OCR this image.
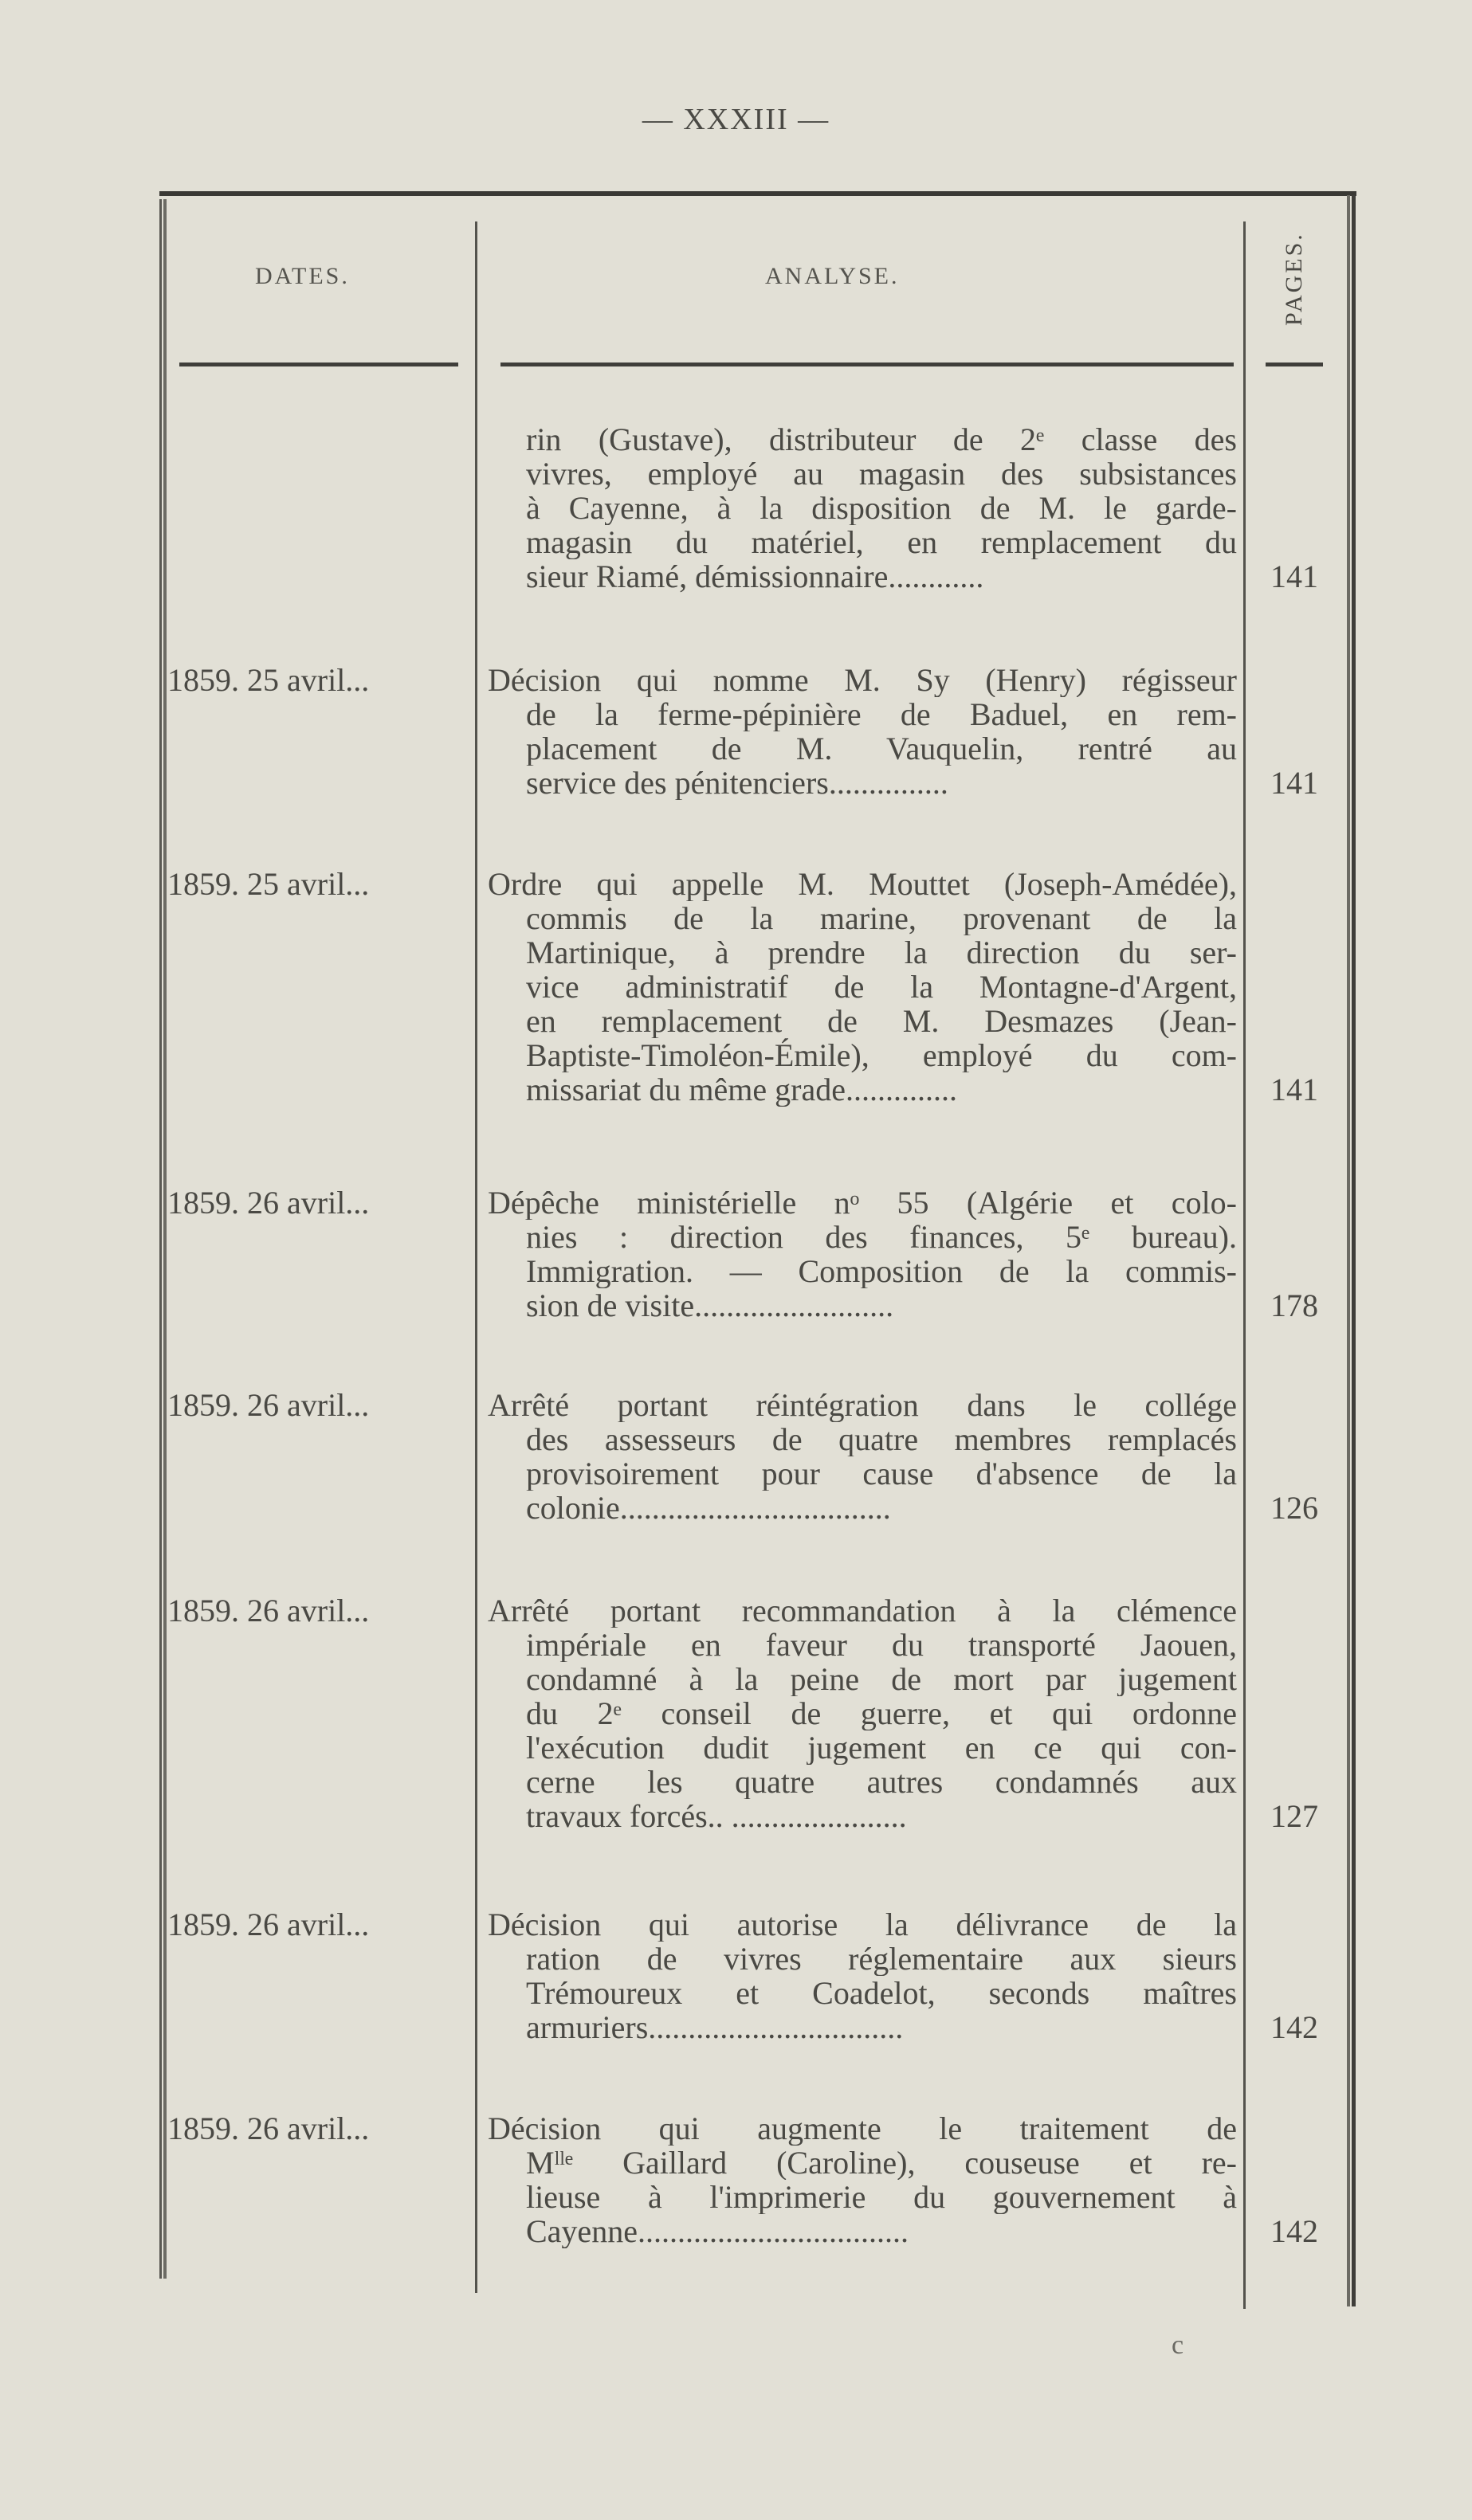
— XXXIII —
DATES.	ANALYSE.	PAGES.
rin (Gustave), distributeur de 2ᵉ classe des
vivres, employé au magasin des subsistances
à Cayenne, à la disposition de M. le garde-
magasin du matériel, en remplacement du
sieur Riamé, démissionnaire............	141
1859. 25 avril...	Décision qui nomme M. Sy (Henry) régisseur
de la ferme-pépinière de Baduel, en rem-
placement de M. Vauquelin, rentré au
service des pénitenciers...............	141
1859. 25 avril...	Ordre qui appelle M. Mouttet (Joseph-Amédée),
commis de la marine, provenant de la
Martinique, à prendre la direction du ser-
vice administratif de la Montagne-d'Argent,
en remplacement de M. Desmazes (Jean-
Baptiste-Timoléon-Émile), employé du com-
missariat du même grade..............	141
1859. 26 avril...	Dépêche ministérielle nᵒ 55 (Algérie et colo-
nies : direction des finances, 5ᵉ bureau).
Immigration. — Composition de la commis-
sion de visite.........................	178
1859. 26 avril...	Arrêté portant réintégration dans le collége
des assesseurs de quatre membres remplacés
provisoirement pour cause d'absence de la
colonie..................................	126
1859. 26 avril...	Arrêté portant recommandation à la clémence
impériale en faveur du transporté Jaouen,
condamné à la peine de mort par jugement
du 2ᵉ conseil de guerre, et qui ordonne
l'exécution dudit jugement en ce qui con-
cerne les quatre autres condamnés aux
travaux forcés.. ......................	127
1859. 26 avril...	Décision qui autorise la délivrance de la
ration de vivres réglementaire aux sieurs
Trémoureux et Coadelot, seconds maîtres
armuriers................................	142
1859. 26 avril...	Décision qui augmente le traitement de
Mˡˡᵉ Gaillard (Caroline), couseuse et re-
lieuse à l'imprimerie du gouvernement à
Cayenne..................................	142
c
